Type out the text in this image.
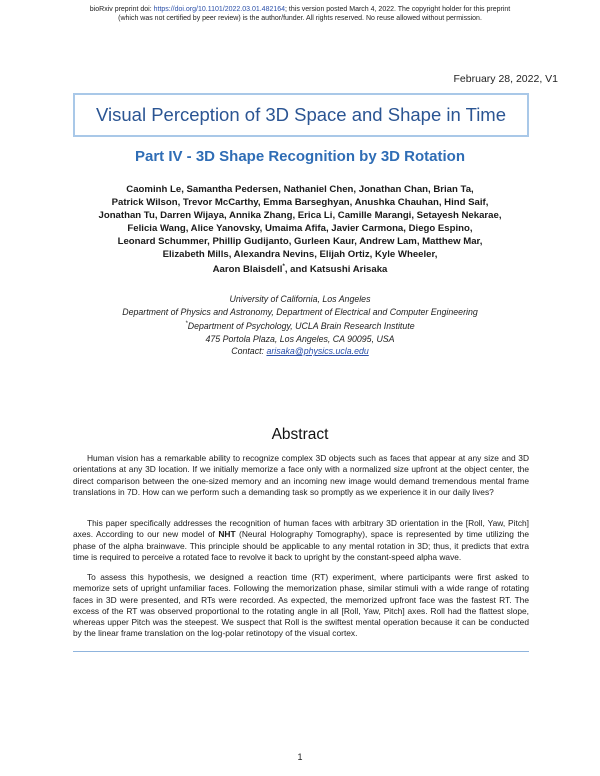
bioRxiv preprint doi: https://doi.org/10.1101/2022.03.01.482164; this version posted March 4, 2022. The copyright holder for this preprint
(which was not certified by peer review) is the author/funder. All rights reserved. No reuse allowed without permission.
February 28, 2022, V1
Visual Perception of 3D Space and Shape in Time
Part IV - 3D Shape Recognition by 3D Rotation
Caominh Le, Samantha Pedersen, Nathaniel Chen, Jonathan Chan, Brian Ta,
Patrick Wilson, Trevor McCarthy, Emma Barseghyan, Anushka Chauhan, Hind Saif,
Jonathan Tu, Darren Wijaya, Annika Zhang, Erica Li, Camille Marangi, Setayesh Nekarae,
Felicia Wang, Alice Yanovsky, Umaima Afifa, Javier Carmona, Diego Espino,
Leonard Schummer, Phillip Gudijanto, Gurleen Kaur, Andrew Lam, Matthew Mar,
Elizabeth Mills, Alexandra Nevins, Elijah Ortiz, Kyle Wheeler,
Aaron Blaisdell*, and Katsushi Arisaka
University of California, Los Angeles
Department of Physics and Astronomy, Department of Electrical and Computer Engineering
*Department of Psychology, UCLA Brain Research Institute
475 Portola Plaza, Los Angeles, CA 90095, USA
Contact: arisaka@physics.ucla.edu
Abstract

Human vision has a remarkable ability to recognize complex 3D objects such as faces that appear at any size and 3D orientations at any 3D location. If we initially memorize a face only with a normalized size upfront at the object center, the direct comparison between the one-sized memory and an incoming new image would demand tremendous mental frame translations in 7D. How can we perform such a demanding task so promptly as we experience it in our daily lives?

This paper specifically addresses the recognition of human faces with arbitrary 3D orientation in the [Roll, Yaw, Pitch] axes. According to our new model of NHT (Neural Holography Tomography), space is represented by time utilizing the phase of the alpha brainwave. This principle should be applicable to any mental rotation in 3D; thus, it predicts that extra time is required to perceive a rotated face to revolve it back to upright by the constant-speed alpha wave.

To assess this hypothesis, we designed a reaction time (RT) experiment, where participants were first asked to memorize sets of upright unfamiliar faces. Following the memorization phase, similar stimuli with a wide range of rotating faces in 3D were presented, and RTs were recorded. As expected, the memorized upfront face was the fastest RT. The excess of the RT was observed proportional to the rotating angle in all [Roll, Yaw, Pitch] axes. Roll had the flattest slope, whereas upper Pitch was the steepest. We suspect that Roll is the swiftest mental operation because it can be conducted by the linear frame translation on the log-polar retinotopy of the visual cortex.

1
